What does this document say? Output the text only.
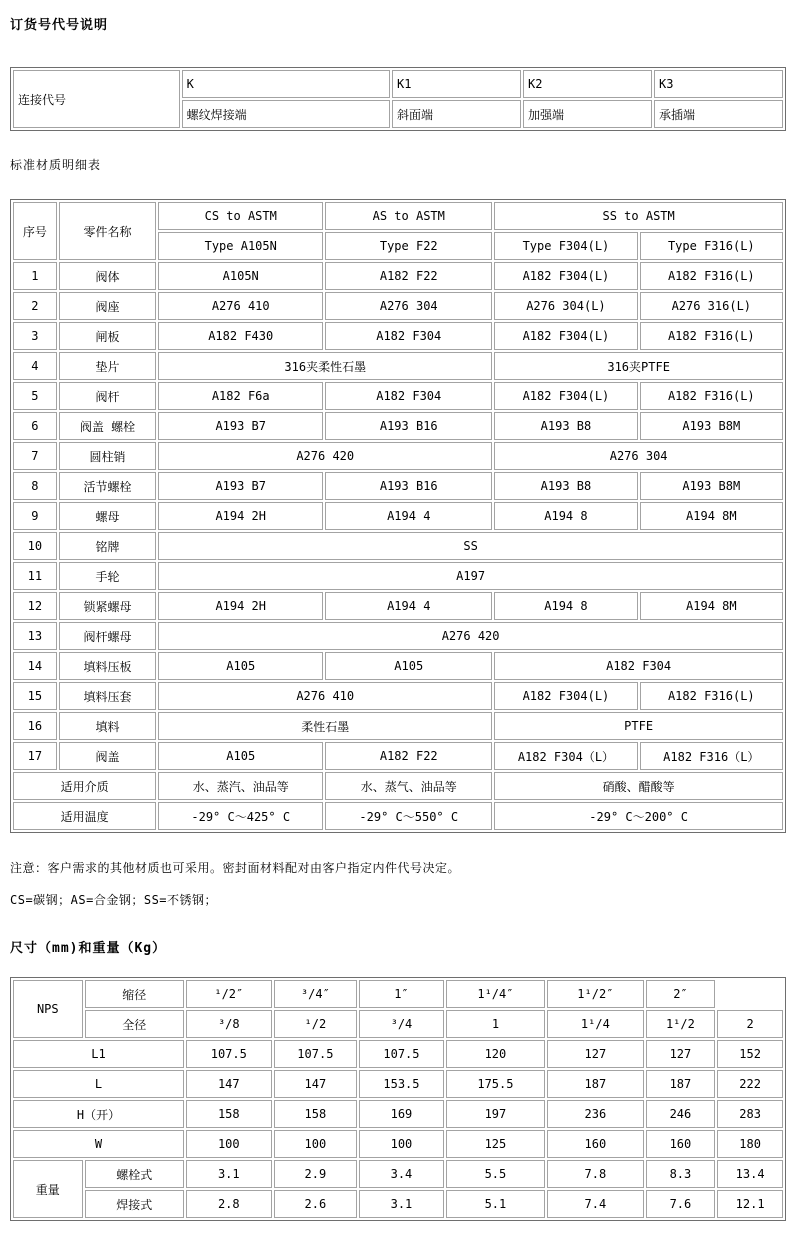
订货号代号说明
连接代号	K	K1	K2	K3
	螺纹焊接端	斜面端	加强端	承插端
标准材质明细表
序号	零件名称	CS to ASTM	AS to ASTM	SS to ASTM	
		Type A105N	Type F22	Type F304(L)	Type F316(L)
1	阀体	A105N	A182 F22	A182 F304(L)	A182 F316(L)
2	阀座	A276 410	A276 304	A276 304(L)	A276 316(L)
3	闸板	A182 F430	A182 F304	A182 F304(L)	A182 F316(L)
4	垫片	316夹柔性石墨		316夹PTFE	
5	阀杆	A182 F6a	A182 F304	A182 F304(L)	A182 F316(L)
6	阀盖 螺栓	A193 B7	A193 B16	A193 B8	A193 B8M
7	圆柱销	A276 420		A276 304	
8	活节螺栓	A193 B7	A193 B16	A193 B8	A193 B8M
9	螺母	A194 2H	A194 4	A194 8	A194 8M
10	铭牌	SS			
11	手轮	A197			
12	锁紧螺母	A194 2H	A194 4	A194 8	A194 8M
13	阀杆螺母	A276 420			
14	填料压板	A105	A105	A182 F304	
15	填料压套	A276 410		A182 F304(L)	A182 F316(L)
16	填料	柔性石墨		PTFE	
17	阀盖	A105	A182 F22	A182 F304（L）	A182 F316（L）
适用介质		水、蒸汽、油品等	水、蒸气、油品等	硝酸、醋酸等	
适用温度		-29° C～425° C	-29° C～550° C	-29° C～200° C	
注意：客户需求的其他材质也可采用。密封面材料配对由客户指定内件代号决定。
CS=碳钢；AS=合金钢；SS=不锈钢；
尺寸（mm)和重量（Kg）
NPS	缩径	¹/2″	³/4″	1″	1¹/4″	1¹/2″	2″	
	全径	³/8	¹/2	³/4	1	1¹/4	1¹/2	2
L1		107.5	107.5	107.5	120	127	127	152
L		147	147	153.5	175.5	187	187	222
H（开）		158	158	169	197	236	246	283
W		100	100	100	125	160	160	180
重量	螺栓式	3.1	2.9	3.4	5.5	7.8	8.3	13.4
	焊接式	2.8	2.6	3.1	5.1	7.4	7.6	12.1
